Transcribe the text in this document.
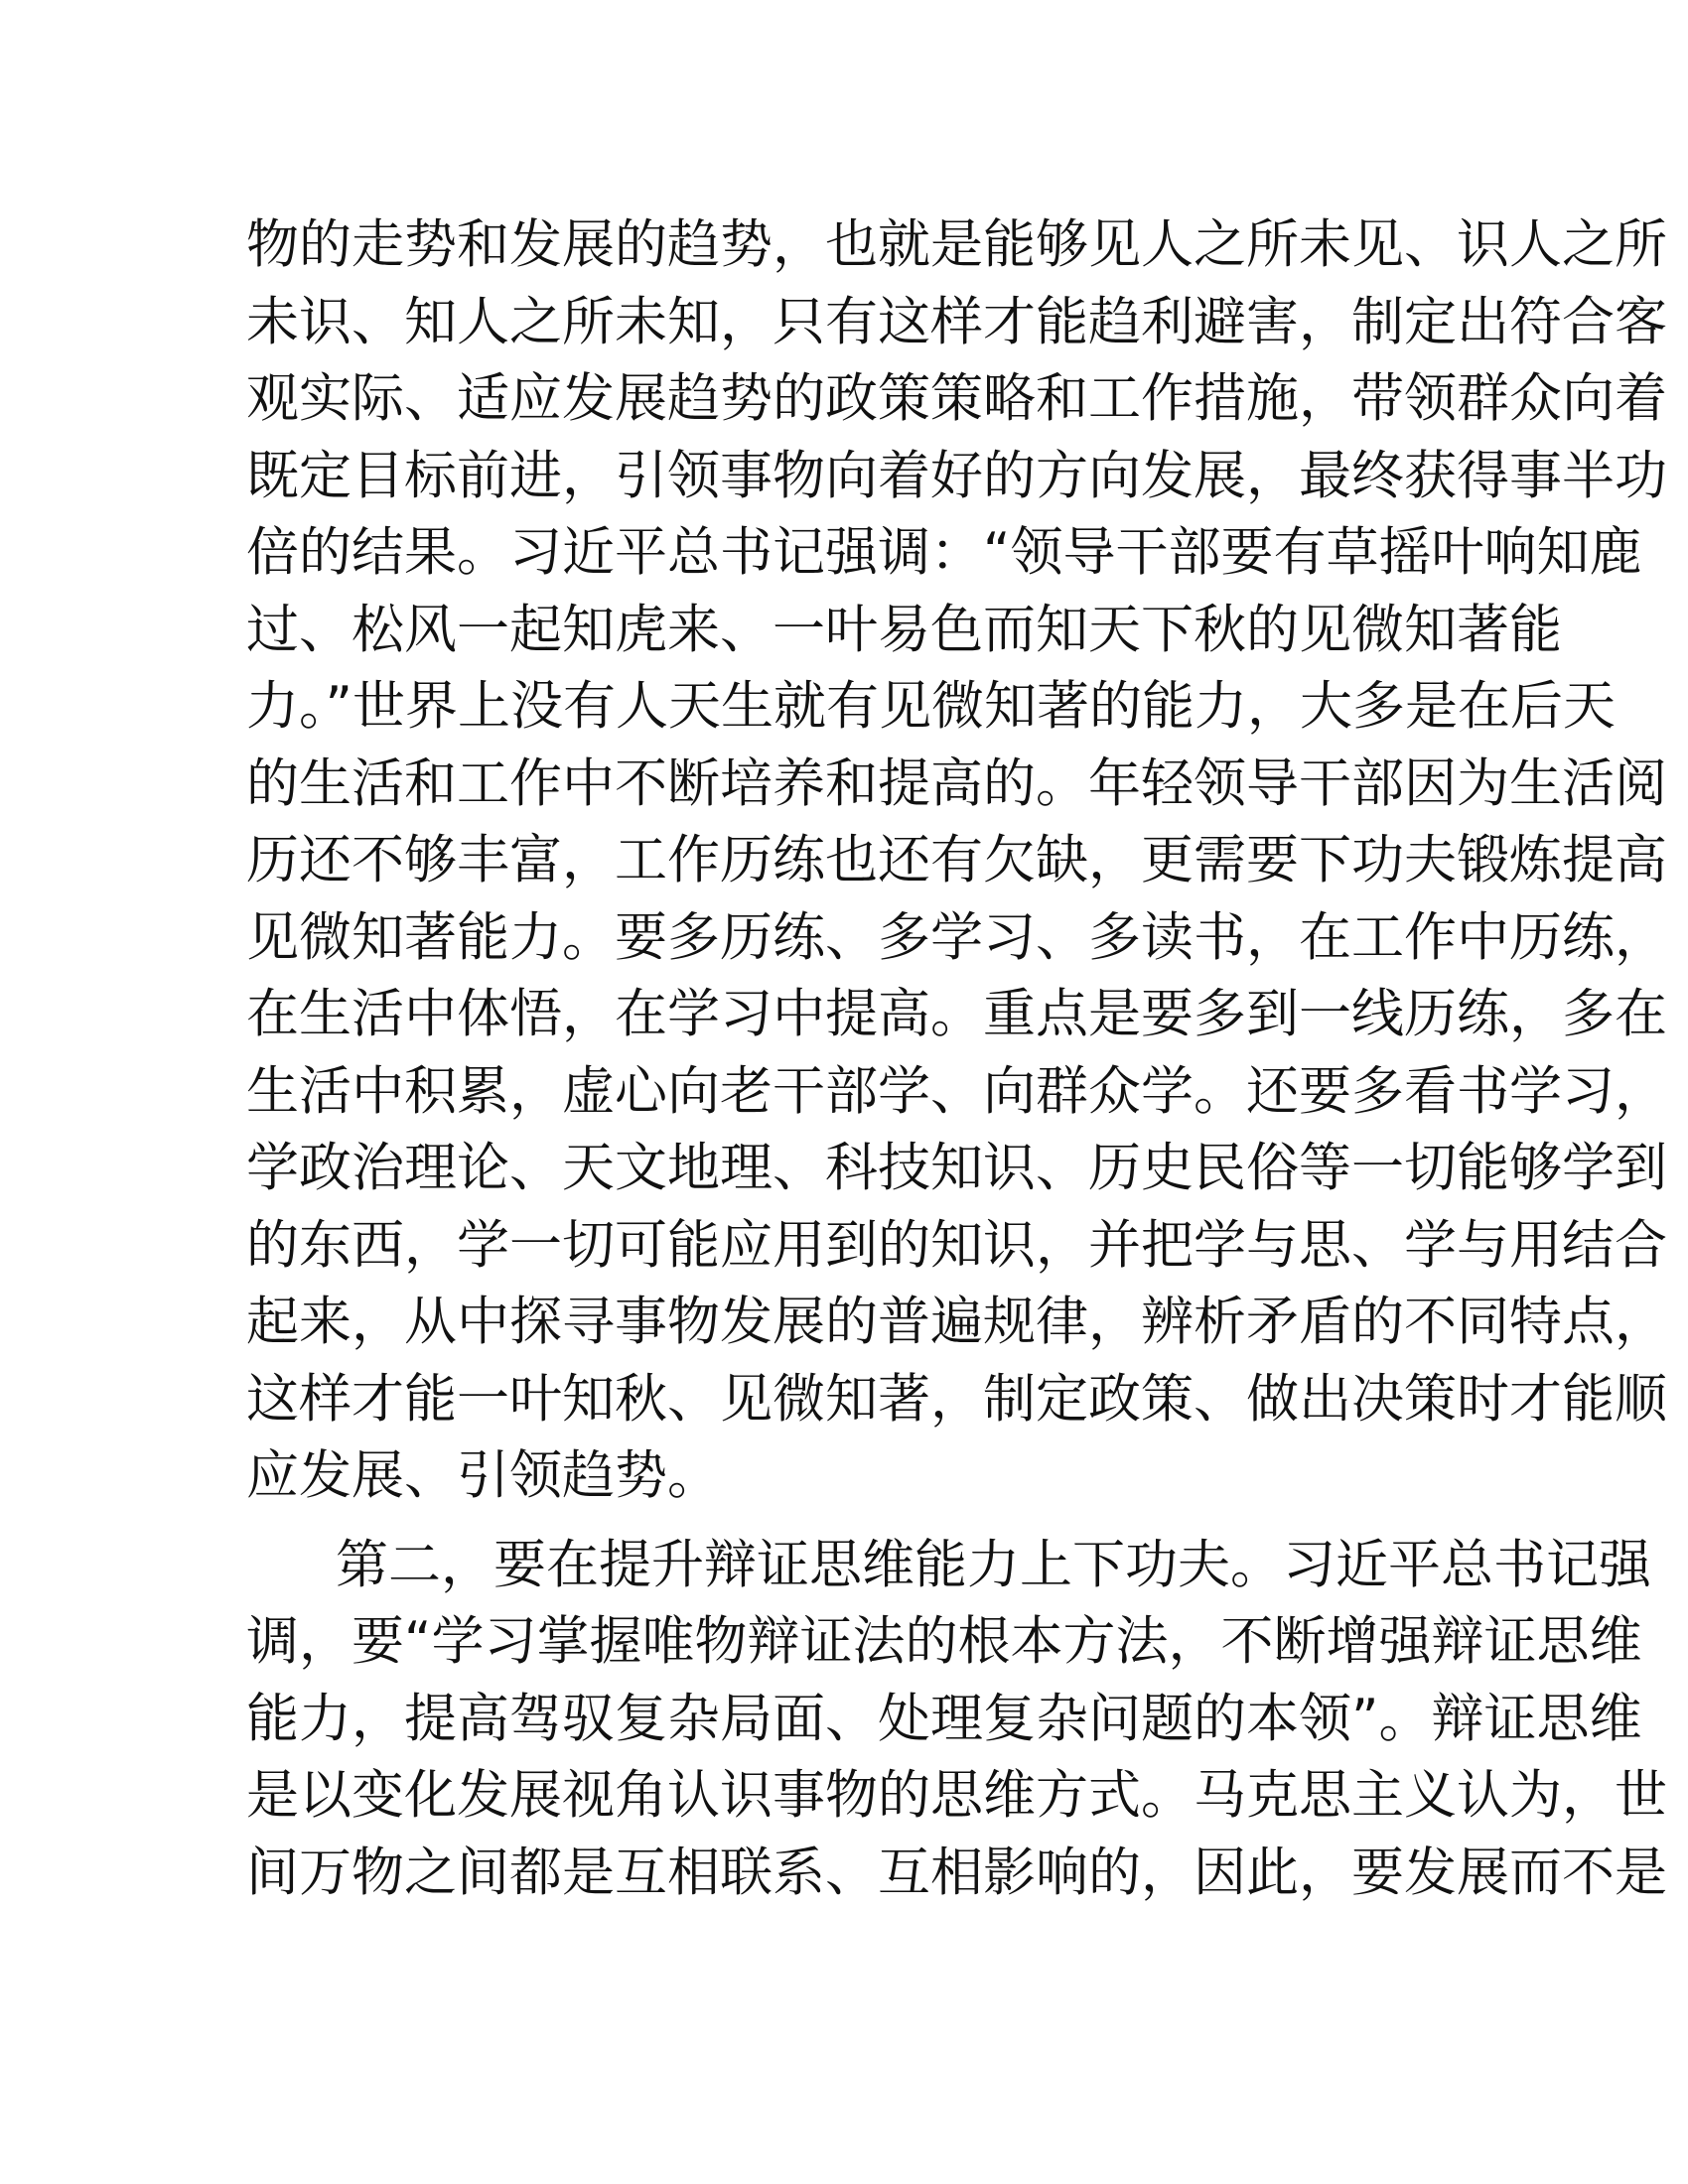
物的走势和发展的趋势，也就是能够见人之所未见、识人之所
未识、知人之所未知，只有这样才能趋利避害，制定出符合客
观实际、适应发展趋势的政策策略和工作措施，带领群众向着
既定目标前进，引领事物向着好的方向发展，最终获得事半功
倍的结果。习近平总书记强调：“领导干部要有草摇叶响知鹿
过、松风一起知虎来、一叶易色而知天下秋的见微知著能
力。”世界上没有人天生就有见微知著的能力，大多是在后天
的生活和工作中不断培养和提高的。年轻领导干部因为生活阅
历还不够丰富，工作历练也还有欠缺，更需要下功夫锻炼提高
见微知著能力。要多历练、多学习、多读书，在工作中历练，
在生活中体悟，在学习中提高。重点是要多到一线历练，多在
生活中积累，虚心向老干部学、向群众学。还要多看书学习，
学政治理论、天文地理、科技知识、历史民俗等一切能够学到
的东西，学一切可能应用到的知识，并把学与思、学与用结合
起来，从中探寻事物发展的普遍规律，辨析矛盾的不同特点，
这样才能一叶知秋、见微知著，制定政策、做出决策时才能顺
应发展、引领趋势。
第二，要在提升辩证思维能力上下功夫。习近平总书记强
调，要“学习掌握唯物辩证法的根本方法，不断增强辩证思维
能力，提高驾驭复杂局面、处理复杂问题的本领”。辩证思维
是以变化发展视角认识事物的思维方式。马克思主义认为，世
间万物之间都是互相联系、互相影响的，因此，要发展而不是
